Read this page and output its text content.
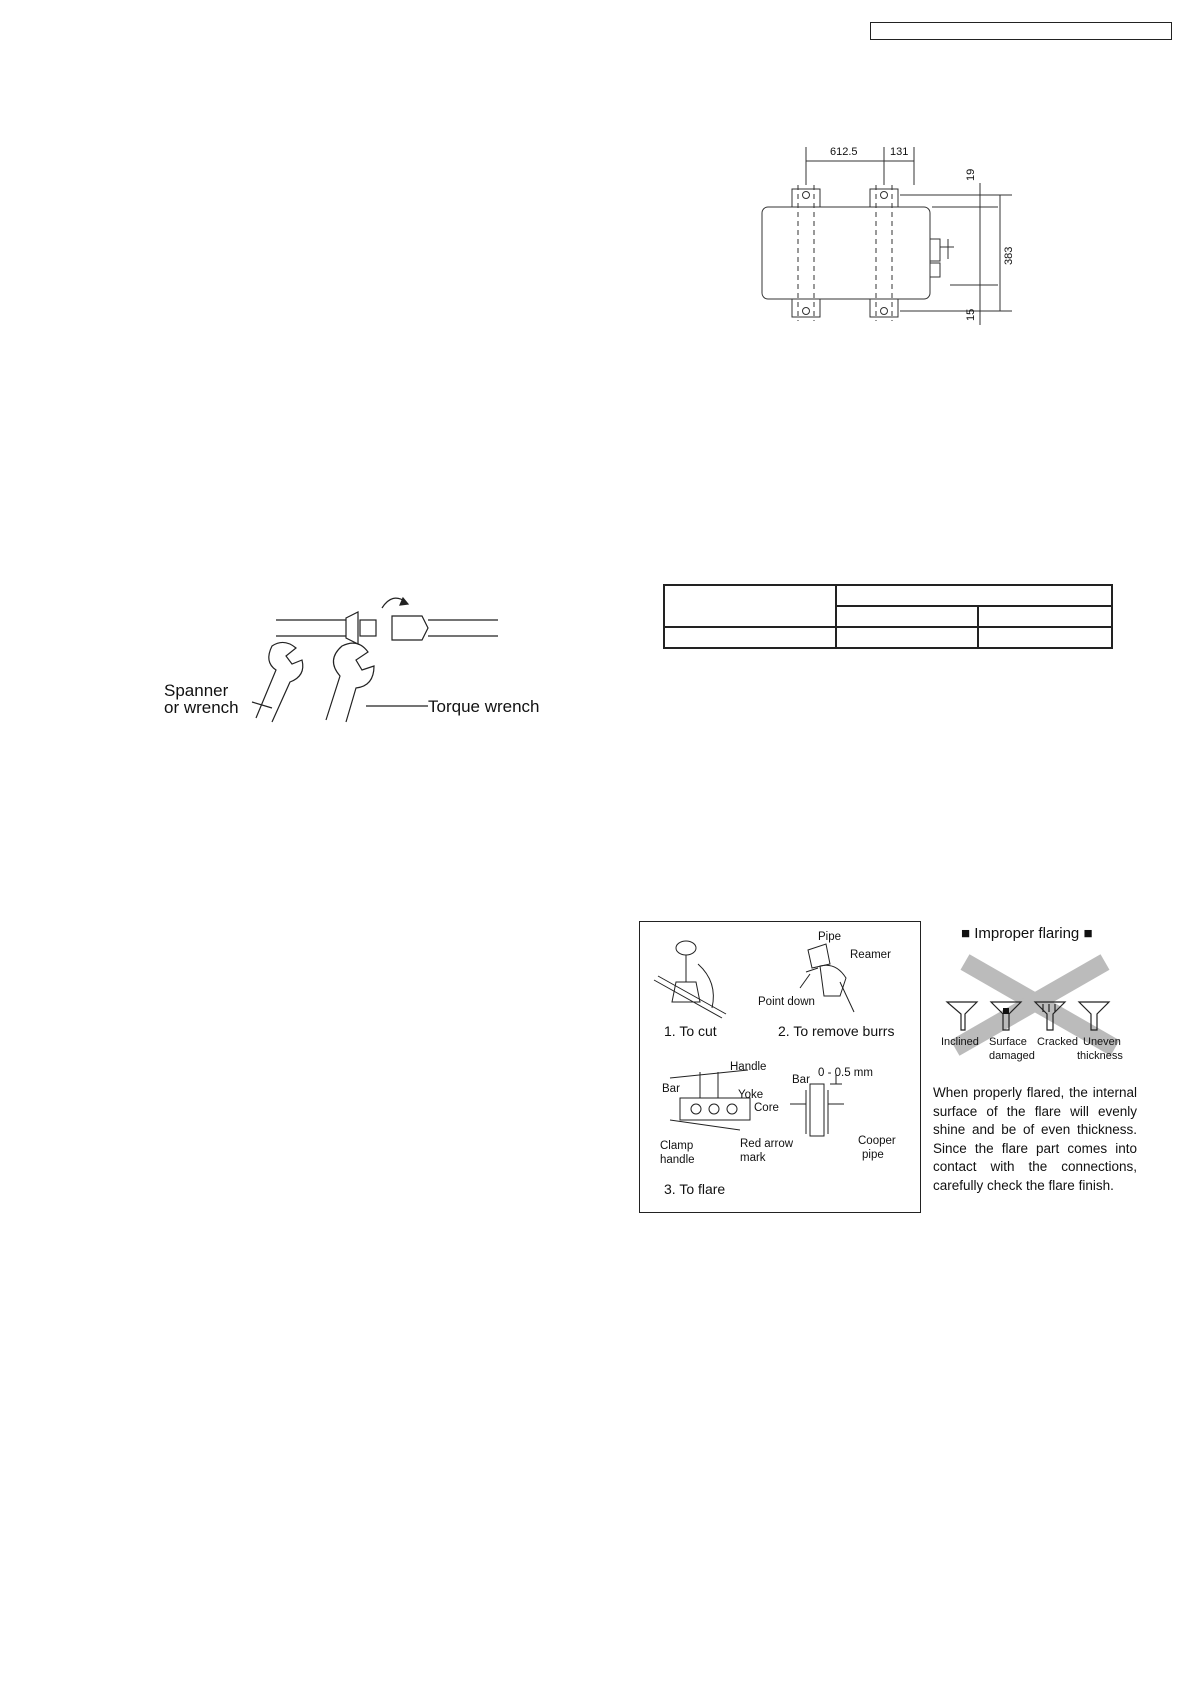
612.5	131
19
383
15
Spanner
or wrench	Torque wrench

Pipe
Reamer
Point down
1. To cut	2. To remove burrs
Handle
Bar	Yoke
Core
Clamp
handle
Red arrow
mark
3. To flare
Bar
0 - 0.5 mm
Cooper
pipe
■ Improper flaring ■
Inclined Surface
damaged
Cracked Uneven
thickness
When properly flared, the internal surface of the flare will evenly shine and be of even thickness. Since the flare part comes into contact with the connections, carefully check the flare finish.
